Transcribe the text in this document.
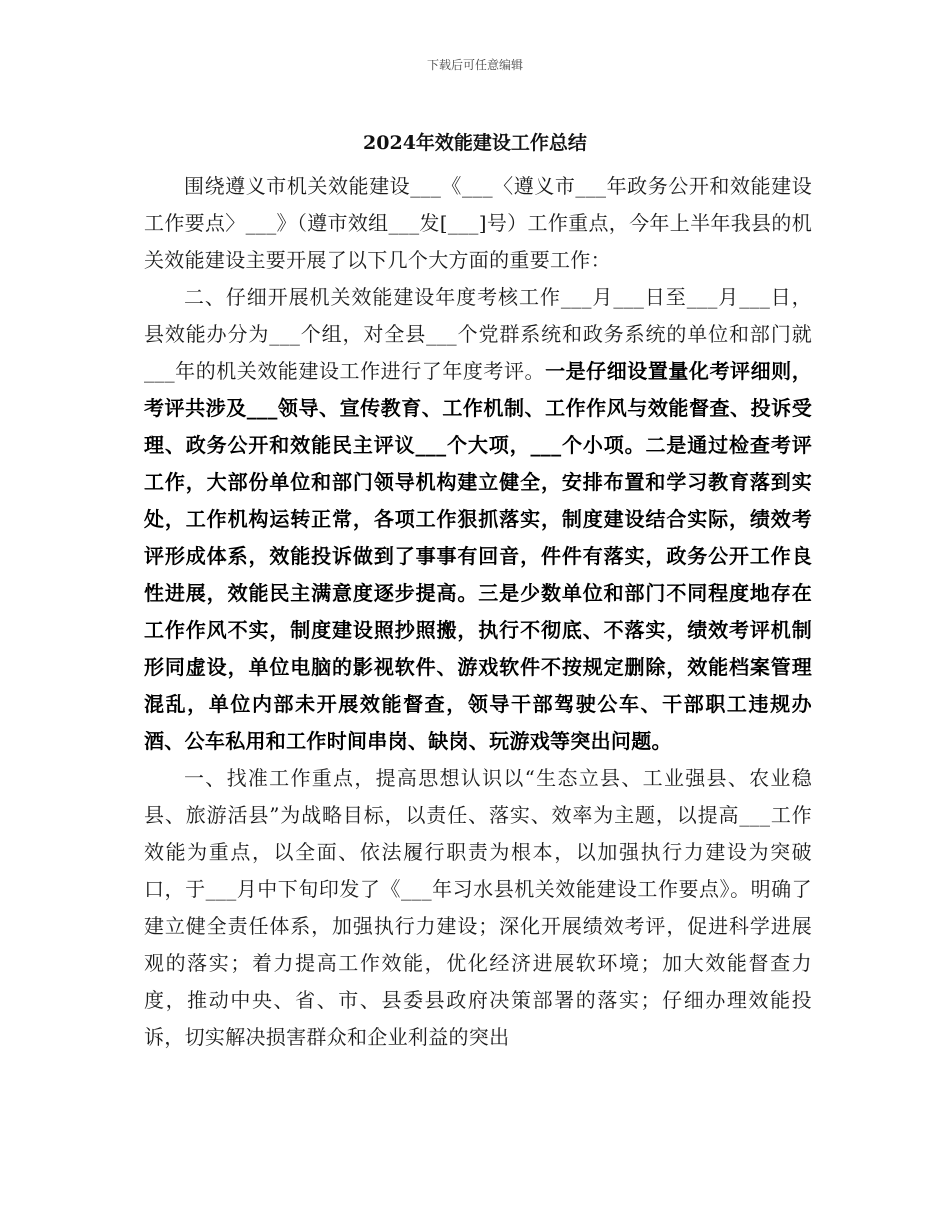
下载后可任意编辑
2024年效能建设工作总结

围绕遵义市机关效能建设___《___〈遵义市___年政务公开和效能建设工作要点〉___》（遵市效组___发[___]号）工作重点，今年上半年我县的机关效能建设主要开展了以下几个大方面的重要工作：

二、仔细开展机关效能建设年度考核工作___月___日至___月___日，县效能办分为___个组，对全县___个党群系统和政务系统的单位和部门就___年的机关效能建设工作进行了年度考评。一是仔细设置量化考评细则，考评共涉及___领导、宣传教育、工作机制、工作作风与效能督查、投诉受理、政务公开和效能民主评议___个大项，___个小项。二是通过检查考评工作，大部份单位和部门领导机构建立健全，安排布置和学习教育落到实处，工作机构运转正常，各项工作狠抓落实，制度建设结合实际，绩效考评形成体系，效能投诉做到了事事有回音，件件有落实，政务公开工作良性进展，效能民主满意度逐步提高。三是少数单位和部门不同程度地存在工作作风不实，制度建设照抄照搬，执行不彻底、不落实，绩效考评机制形同虚设，单位电脑的影视软件、游戏软件不按规定删除，效能档案管理混乱，单位内部未开展效能督查，领导干部驾驶公车、干部职工违规办酒、公车私用和工作时间串岗、缺岗、玩游戏等突出问题。

一、找准工作重点，提高思想认识以“生态立县、工业强县、农业稳县、旅游活县”为战略目标，以责任、落实、效率为主题，以提高___工作效能为重点，以全面、依法履行职责为根本，以加强执行力建设为突破口，于___月中下旬印发了《___年习水县机关效能建设工作要点》。明确了建立健全责任体系，加强执行力建设；深化开展绩效考评，促进科学进展观的落实；着力提高工作效能，优化经济进展软环境；加大效能督查力度，推动中央、省、市、县委县政府决策部署的落实；仔细办理效能投诉，切实解决损害群众和企业利益的突出
